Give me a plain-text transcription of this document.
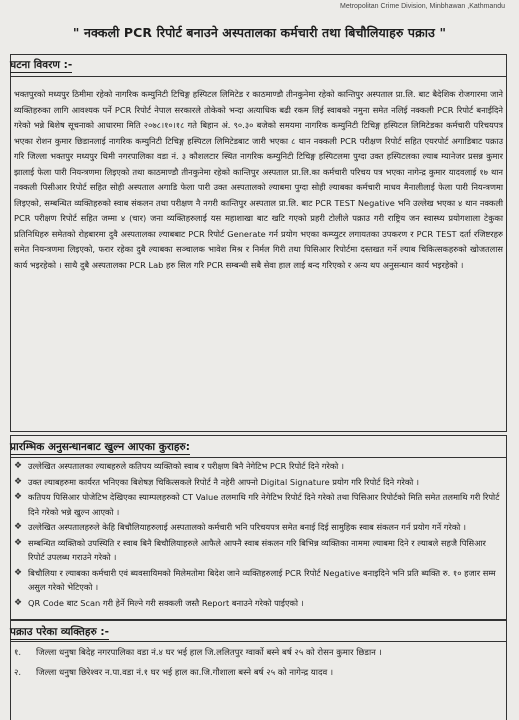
Metropolitan Crime Division, Minbhawan ,Kathmandu
" नक्कली PCR रिपोर्ट बनाउने अस्पतालका कर्मचारी तथा बिचौलियाहरु पक्राउ "
घटना विवरण :-

भक्तपुरको मध्यपुर ठिमीमा रहेको नागरिक कम्युनिटी टिचिङ्ग हस्पिटल लिमिटेड र काठमाण्डौ तीनकुनेमा रहेको कान्तिपुर अस्पताल प्रा.लि. बाट बैदेशिक रोजगारमा जाने व्यक्तिहरुका लागि आवश्यक पर्ने PCR रिपोर्ट नेपाल सरकारले तोकेको भन्दा अत्याधिक बढी रकम लिई स्वाबको नमुना समेत नलिई नक्कली PCR रिपोर्ट बनाईदिने गरेको भन्ने बिशेष सूचनाको आधारमा मिति २०७८।१०।१८ गते बिहान अं. ९०.३० बजेको समयमा नागरिक कम्युनिटी टिचिङ्ग हस्पिटल लिमिटेडका कर्मचारी परिचयपत्र भएका रोशन कुमार छिडानलाई नागरिक कम्युनिटी टिचिङ्ग हस्पिटल लिमिटेडबाट जारी भएका ८ थान नक्कली PCR परीक्षण रिपोर्ट सहित एयरपोर्ट अगाडिबाट पक्राउ गरि जिल्ला भक्तपुर मध्यपुर थिमी नगरपालिका वडा नं. ३ कौशलटार स्थित नागरिक कम्युनिटी टिचिङ्ग हस्पिटलमा पुग्दा उक्त हस्पिटलका ल्याब म्यानेजर प्रसन्न कुमार झालाई फेला पारी नियन्त्रणमा लिइएको तथा काठमाण्डौ तीनकुनेमा रहेको कान्तिपुर अस्पताल प्रा.लि.का कर्मचारी परिचय पत्र भएका नागेन्द्र कुमार यादवलाई १७ थान नक्कली पिसीआर रिपोर्ट सहित सोही अस्पताल अगाडि फेला पारी उक्त अस्पतालको ल्याबमा पुग्दा सोही ल्याबका कर्मचारी माधव मैनालीलाई फेला पारी नियन्त्रणमा लिइएको, सम्बन्धित व्यक्तिहरुको स्वाब संकलन तथा परीक्षण नै नगरी कान्तिपुर अस्पताल प्रा.लि. बाट PCR TEST Negative भनि उल्लेख भएका ४ थान नक्कली PCR परीक्षण रिपोर्ट सहित जम्मा ४ (चार) जना व्यक्तिहरुलाई यस महाशाखा बाट खटि गएको प्रहरी टोलीले पक्राउ गरी राष्ट्रिय जन स्वास्थ्य प्रयोगशाला टेकुका प्रतिनिधिहरु समेतको रोहबारमा दुवै अस्पतालका ल्याबबाट PCR रिपोर्ट Generate गर्न प्रयोग भएका कम्प्युटर लगायतका उपकरण र PCR TEST दर्ता रजिष्टरहरु समेत नियन्त्रणमा लिइएको, फरार रहेका दुबै ल्याबका सञ्चालक भावेश मिश्र र निर्मल गिरी तथा पिसिआर रिपोर्टमा दस्तखत गर्ने ल्याब चिकित्सकहरुको खोजतलास कार्य भइरहेको । साथै दुबै अस्पतालका PCR Lab हरु सिल गरि PCR सम्बन्धी सबै सेवा हाल लाई बन्द गरिएको र अन्य थप अनुसन्धान कार्य भइरहेको ।

प्रारम्भिक अनुसन्धानबाट खुल्न आएका कुराहरु:
❖ उल्लेखित अस्पतालका ल्याबहरुले कतिपय व्यक्तिको स्वाब र परीक्षण बिनै नेगेटिभ PCR रिपोर्ट दिने गरेको ।
❖ उक्त ल्याबहरुमा कार्यरत भनिएका बिशेषज्ञ चिकित्सकले रिपोर्ट नै नहेरी आफ्नो Digital Signature प्रयोग गरि रिपोर्ट दिने गरेको ।
❖ कतिपय पिसिआर पोजेटिभ देखिएका स्याम्पलहरुको CT Value तलमाथि गरि नेगेटिभ रिपोर्ट दिने गरेको तथा पिसिआर रिपोर्टको मिति समेत तलमाथि गरी रिपोर्ट दिने गरेको भन्ने खुल्न आएको ।
❖ उल्लेखित अस्पतालहरुले केहि बिचौलियाहरुलाई अस्पतालको कर्मचारी भनि परिचयपत्र समेत बनाई दिई सामुहिक स्वाब संकलन गर्न प्रयोग गर्ने गरेको ।
❖ सम्बन्धित व्यक्तिको उपस्थिति र स्वाब बिनै बिचौलियाहरुले आफैले आफ्नै स्वाब संकलन गरि बिभिन्न व्यक्तिका नाममा ल्याबमा दिने र ल्याबले सहजै पिसिआर रिपोर्ट उपलब्ध गराउने गरेको ।
❖ बिचौलिया र ल्याबका कर्मचारी एवं ब्यवसायिमको मिलेमतोमा बिदेश जाने व्यक्तिहरुलाई PCR रिपोर्ट Negative बनाइदिने भनि प्रति ब्यक्ति रु. १० हजार सम्म असुल गरेको भेटिएको ।
❖ QR Code बाट Scan गरी हेर्ने मिल्ने गरी सक्कली जस्तै Report बनाउने गरेको पाईएको ।
पक्राउ परेका व्यक्तिहरु :-
१.	जिल्ला धनुषा बिदेह नगरपालिका वडा नं.४ घर भई हाल जि.ललितपुर ग्वार्को बस्ने बर्ष २५ को रोसन कुमार छिडान ।
२.	जिल्ला धनुषा छिरेश्वर न.पा.वडा नं.१ घर भई हाल का.जि.गौशाला बस्ने बर्ष २५ को नागेन्द्र यादव ।
